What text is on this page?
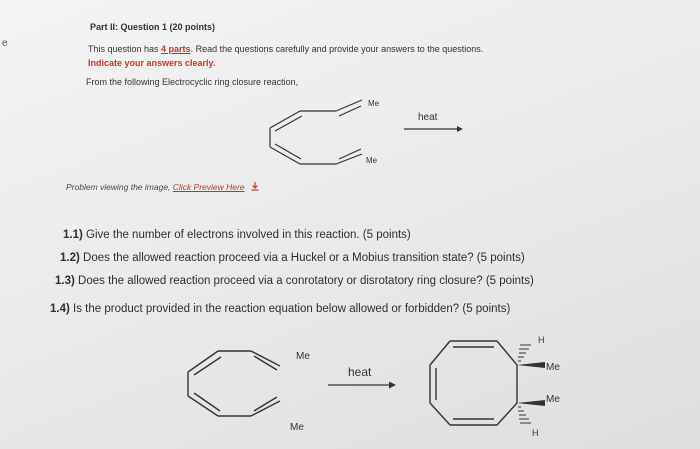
e
Part II: Question 1 (20 points)
This question has 4 parts. Read the questions carefully and provide your answers to the questions.
Indicate your answers clearly.
From the following Electrocyclic ring closure reaction,
Me
Me
heat
Me
Me
heat
H
Me
Me
H
Problem viewing the image, Click Preview Here
1.1) Give the number of electrons involved in this reaction. (5 points)
1.2) Does the allowed reaction proceed via a Huckel or a Mobius transition state? (5 points)
1.3) Does the allowed reaction proceed via a conrotatory or disrotatory ring closure? (5 points)
1.4) Is the product provided in the reaction equation below allowed or forbidden? (5 points)
